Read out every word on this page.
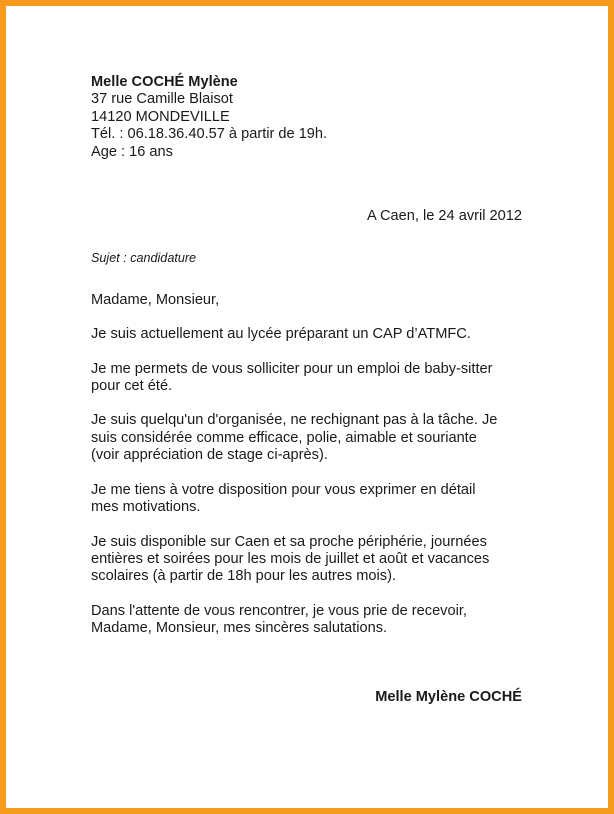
Melle COCHÉ Mylène
37 rue Camille Blaisot
14120 MONDEVILLE
Tél. : 06.18.36.40.57 à partir de 19h.
Age : 16 ans
A Caen, le 24 avril 2012
Sujet : candidature
Madame, Monsieur,
Je suis actuellement au lycée préparant un CAP d’ATMFC.
Je me permets de vous solliciter pour un emploi de baby-sitter
pour cet été.
Je suis quelqu'un d'organisée, ne rechignant pas à la tâche. Je
suis considérée comme efficace, polie, aimable et souriante
(voir appréciation de stage ci-après).
Je me tiens à votre disposition pour vous exprimer en détail
mes motivations.
Je suis disponible sur Caen et sa proche périphérie, journées
entières et soirées pour les mois de juillet et août et vacances
scolaires (à partir de 18h pour les autres mois).
Dans l'attente de vous rencontrer, je vous prie de recevoir,
Madame, Monsieur, mes sincères salutations.
Melle Mylène COCHÉ
